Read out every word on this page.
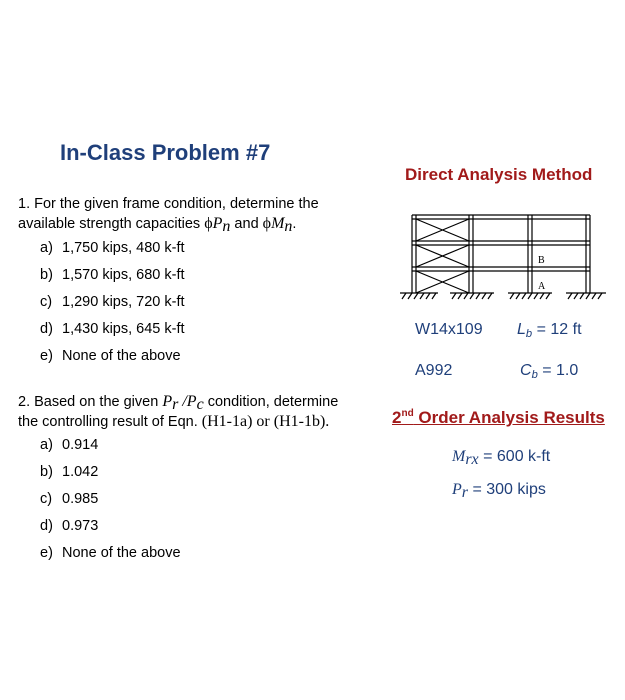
In-Class Problem #7
1. For the given frame condition, determine the
available strength capacities $\phi P_n$ and $\phi M_n$.
a) 1,750 kips, 480 k-ft
b) 1,570 kips, 680 k-ft
c) 1,290 kips, 720 k-ft
d) 1,430 kips, 645 k-ft
e) None of the above
2. Based on the given $P_r$ $/P_c$ condition, determine
the controlling result of Eqn. (H1-1a) or (H1-1b).
a) 0.914
b) 1.042
c) 0.985
d) 0.973
e) None of the above
Direct Analysis Method
B
A
W14x109 $L_b = 12$ ft
A992	$C_b = 1.0$
2nd Order Analysis Results
$M_{rx} = 600$ k-ft
$P_r = 300$ kips
